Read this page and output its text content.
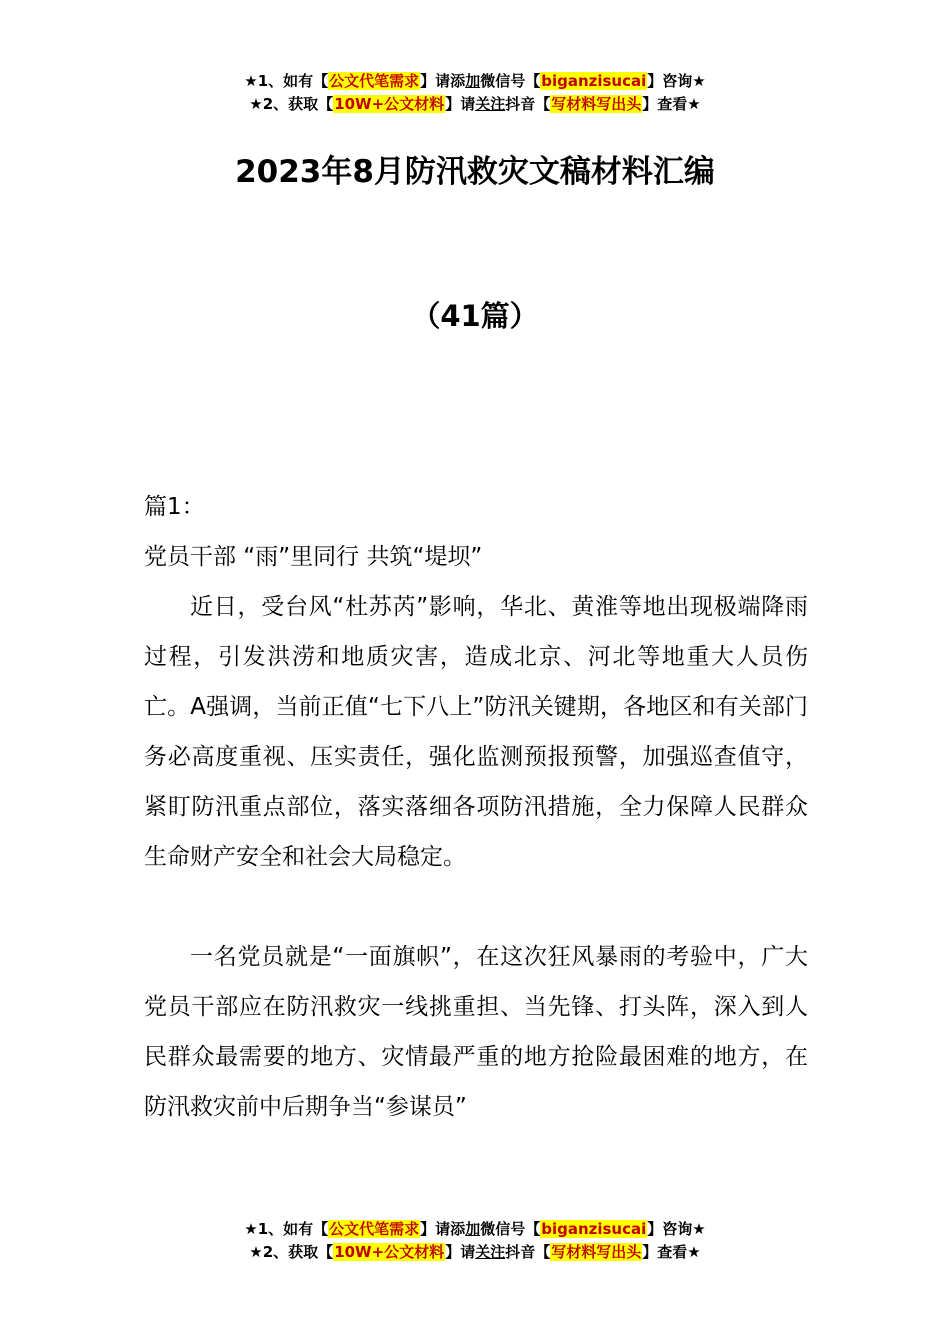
★1、如有【公文代笔需求】请添加微信号【biganzisucai】咨询★
★2、获取【10W+公文材料】请关注抖音【写材料写出头】查看★
2023年8月防汛救灾文稿材料汇编
（41篇）

篇1：

党员干部 “雨”里同行 共筑“堤坝”

近日，受台风“杜苏芮”影响，华北、黄淮等地出现极端降雨过程，引发洪涝和地质灾害，造成北京、河北等地重大人员伤亡。A强调，当前正值“七下八上”防汛关键期，各地区和有关部门务必高度重视、压实责任，强化监测预报预警，加强巡查值守，紧盯防汛重点部位，落实落细各项防汛措施，全力保障人民群众生命财产安全和社会大局稳定。

一名党员就是“一面旗帜”，在这次狂风暴雨的考验中，广大党员干部应在防汛救灾一线挑重担、当先锋、打头阵，深入到人民群众最需要的地方、灾情最严重的地方抢险最困难的地方，在防汛救灾前中后期争当“参谋员”

★1、如有【公文代笔需求】请添加微信号【biganzisucai】咨询★
★2、获取【10W+公文材料】请关注抖音【写材料写出头】查看★
